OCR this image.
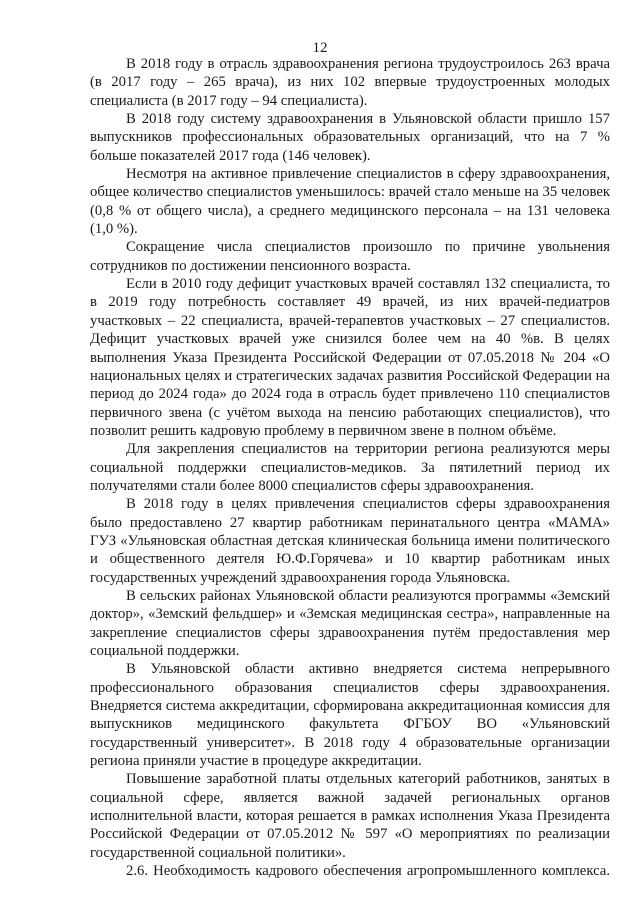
12

В 2018 году в отрасль здравоохранения региона трудоустроилось 263 врача (в 2017 году – 265 врача), из них 102 впервые трудоустроенных молодых специалиста (в 2017 году – 94 специалиста).

В 2018 году систему здравоохранения в Ульяновской области пришло 157 выпускников профессиональных образовательных организаций, что на 7 % больше показателей 2017 года (146 человек).

Несмотря на активное привлечение специалистов в сферу здравоохранения, общее количество специалистов уменьшилось: врачей стало меньше на 35 человек (0,8 % от общего числа), а среднего медицинского персонала – на 131 человека (1,0 %).

Сокращение числа специалистов произошло по причине увольнения сотрудников по достижении пенсионного возраста.

Если в 2010 году дефицит участковых врачей составлял 132 специалиста, то в 2019 году потребность составляет 49 врачей, из них врачей-педиатров участковых – 22 специалиста, врачей-терапевтов участковых – 27 специалистов. Дефицит участковых врачей уже снизился более чем на 40 %в. В целях выполнения Указа Президента Российской Федерации от 07.05.2018 № 204 «О национальных целях и стратегических задачах развития Российской Федерации на период до 2024 года» до 2024 года в отрасль будет привлечено 110 специалистов первичного звена (с учётом выхода на пенсию работающих специалистов), что позволит решить кадровую проблему в первичном звене в полном объёме.

Для закрепления специалистов на территории региона реализуются меры социальной поддержки специалистов-медиков. За пятилетний период их получателями стали более 8000 специалистов сферы здравоохранения.

В 2018 году в целях привлечения специалистов сферы здравоохранения было предоставлено 27 квартир работникам перинатального центра «МАМА» ГУЗ «Ульяновская областная детская клиническая больница имени политического и общественного деятеля Ю.Ф.Горячева» и 10 квартир работникам иных государственных учреждений здравоохранения города Ульяновска.

В сельских районах Ульяновской области реализуются программы «Земский доктор», «Земский фельдшер» и «Земская медицинская сестра», направленные на закрепление специалистов сферы здравоохранения путём предоставления мер социальной поддержки.

В Ульяновской области активно внедряется система непрерывного профессионального образования специалистов сферы здравоохранения. Внедряется система аккредитации, сформирована аккредитационная комиссия для выпускников медицинского факультета ФГБОУ ВО «Ульяновский государственный университет». В 2018 году 4 образовательные организации региона приняли участие в процедуре аккредитации.

Повышение заработной платы отдельных категорий работников, занятых в социальной сфере, является важной задачей региональных органов исполнительной власти, которая решается в рамках исполнения Указа Президента Российской Федерации от 07.05.2012 № 597 «О мероприятиях по реализации государственной социальной политики».

2.6. Необходимость кадрового обеспечения агропромышленного комплекса.
